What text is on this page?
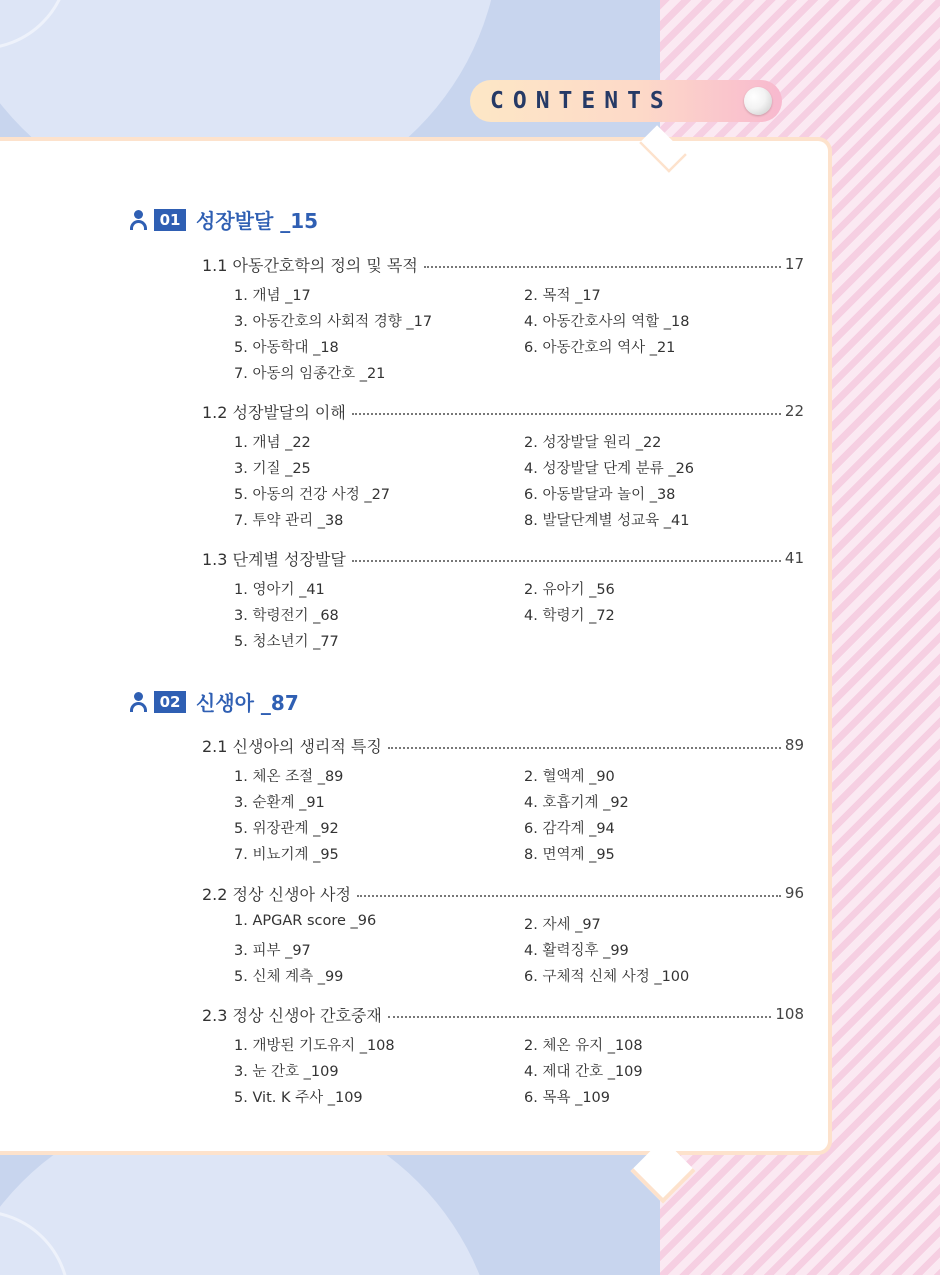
CONTENTS
01 성장발달 _15
1.1 아동간호학의 정의 및 목적	17
1. 개념 _17	2. 목적 _17
3. 아동간호의 사회적 경향 _17	4. 아동간호사의 역할 _18
5. 아동학대 _18	6. 아동간호의 역사 _21
7. 아동의 임종간호 _21
1.2 성장발달의 이해	22
1. 개념 _22	2. 성장발달 원리 _22
3. 기질 _25	4. 성장발달 단계 분류 _26
5. 아동의 건강 사정 _27	6. 아동발달과 놀이 _38
7. 투약 관리 _38	8. 발달단계별 성교육 _41
1.3 단계별 성장발달	41
1. 영아기 _41	2. 유아기 _56
3. 학령전기 _68	4. 학령기 _72
5. 청소년기 _77
02 신생아 _87
2.1 신생아의 생리적 특징	89
1. 체온 조절 _89	2. 혈액계 _90
3. 순환계 _91	4. 호흡기계 _92
5. 위장관계 _92	6. 감각계 _94
7. 비뇨기계 _95	8. 면역계 _95
2.2 정상 신생아 사정	96
1. APGAR score _96	2. 자세 _97
3. 피부 _97	4. 활력징후 _99
5. 신체 계측 _99	6. 구체적 신체 사정 _100
2.3 정상 신생아 간호중재	108
1. 개방된 기도유지 _108	2. 체온 유지 _108
3. 눈 간호 _109	4. 제대 간호 _109
5. Vit. K 주사 _109	6. 목욕 _109
